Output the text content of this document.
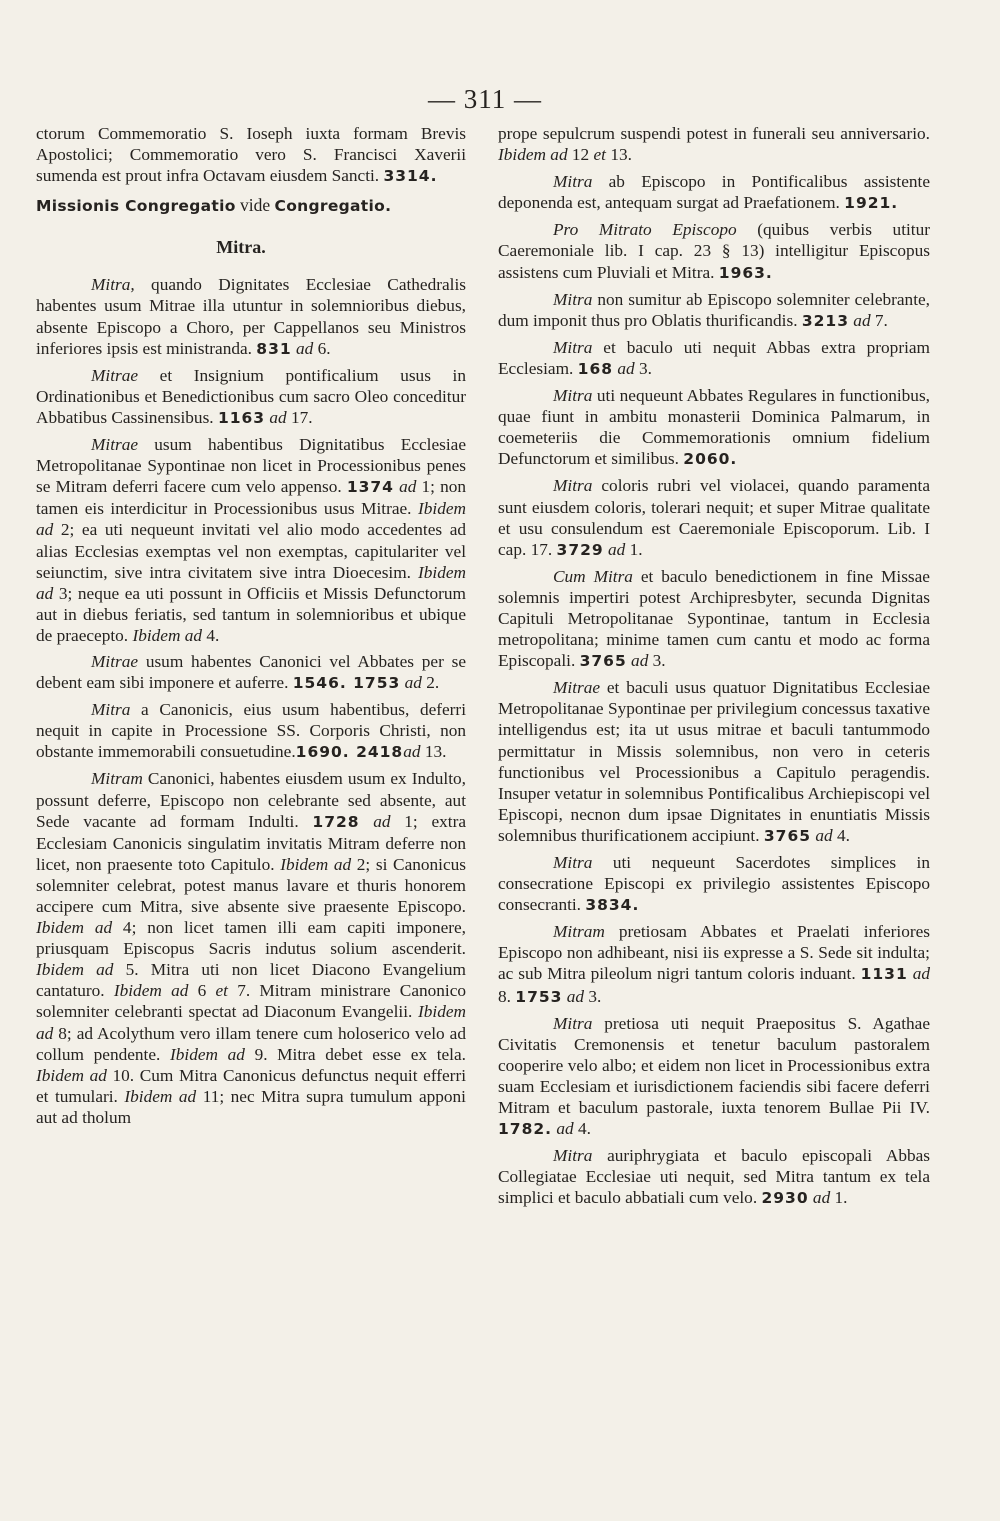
— 311 —

ctorum Commemoratio S. Ioseph iuxta formam Brevis Apostolici; Commemoratio vero S. Francisci Xaverii sumenda est prout infra Octavam eiusdem Sancti. 3314.

Missionis Congregatio vide Congregatio.

Mitra.

Mitra, quando Dignitates Ecclesiae Cathedralis habentes usum Mitrae illa utuntur in solemnioribus diebus, absente Episcopo a Choro, per Cappellanos seu Ministros inferiores ipsis est ministranda. 831 ad 6.

Mitrae et Insignium pontificalium usus in Ordinationibus et Benedictionibus cum sacro Oleo conceditur Abbatibus Cassinensibus. 1163 ad 17.

Mitrae usum habentibus Dignitatibus Ecclesiae Metropolitanae Sypontinae non licet in Processionibus penes se Mitram deferri facere cum velo appenso. 1374 ad 1; non tamen eis interdicitur in Processionibus usus Mitrae. Ibidem ad 2; ea uti nequeunt invitati vel alio modo accedentes ad alias Ecclesias exemptas vel non exemptas, capitulariter vel seiunctim, sive intra civitatem sive intra Dioecesim. Ibidem ad 3; neque ea uti possunt in Officiis et Missis Defunctorum aut in diebus feriatis, sed tantum in solemnioribus et ubique de praecepto. Ibidem ad 4.

Mitrae usum habentes Canonici vel Abbates per se debent eam sibi imponere et auferre. 1546. 1753 ad 2.

Mitra a Canonicis, eius usum habentibus, deferri nequit in capite in Processione SS. Corporis Christi, non obstante immemorabili consuetudine.1690. 2418ad 13.

Mitram Canonici, habentes eiusdem usum ex Indulto, possunt deferre, Episcopo non celebrante sed absente, aut Sede vacante ad formam Indulti. 1728 ad 1; extra Ecclesiam Canonicis singulatim invitatis Mitram deferre non licet, non praesente toto Capitulo. Ibidem ad 2; si Canonicus solemniter celebrat, potest manus lavare et thuris honorem accipere cum Mitra, sive absente sive praesente Episcopo. Ibidem ad 4; non licet tamen illi eam capiti imponere, priusquam Episcopus Sacris indutus solium ascenderit. Ibidem ad 5. Mitra uti non licet Diacono Evangelium cantaturo. Ibidem ad 6 et 7. Mitram ministrare Canonico solemniter celebranti spectat ad Diaconum Evangelii. Ibidem ad 8; ad Acolythum vero illam tenere cum holoserico velo ad collum pendente. Ibidem ad 9. Mitra debet esse ex tela. Ibidem ad 10. Cum Mitra Canonicus defunctus nequit efferri et tumulari. Ibidem ad 11; nec Mitra supra tumulum apponi aut ad tholum

prope sepulcrum suspendi potest in funerali seu anniversario. Ibidem ad 12 et 13.

Mitra ab Episcopo in Pontificalibus assistente deponenda est, antequam surgat ad Praefationem. 1921.

Pro Mitrato Episcopo (quibus verbis utitur Caeremoniale lib. I cap. 23 § 13) intelligitur Episcopus assistens cum Pluviali et Mitra. 1963.

Mitra non sumitur ab Episcopo solemniter celebrante, dum imponit thus pro Oblatis thurificandis. 3213 ad 7.

Mitra et baculo uti nequit Abbas extra propriam Ecclesiam. 168 ad 3.

Mitra uti nequeunt Abbates Regulares in functionibus, quae fiunt in ambitu monasterii Dominica Palmarum, in coemeteriis die Commemorationis omnium fidelium Defunctorum et similibus. 2060.

Mitra coloris rubri vel violacei, quando paramenta sunt eiusdem coloris, tolerari nequit; et super Mitrae qualitate et usu consulendum est Caeremoniale Episcoporum. Lib. I cap. 17. 3729 ad 1.

Cum Mitra et baculo benedictionem in fine Missae solemnis impertiri potest Archipresbyter, secunda Dignitas Capituli Metropolitanae Sypontinae, tantum in Ecclesia metropolitana; minime tamen cum cantu et modo ac forma Episcopali. 3765 ad 3.

Mitrae et baculi usus quatuor Dignitatibus Ecclesiae Metropolitanae Sypontinae per privilegium concessus taxative intelligendus est; ita ut usus mitrae et baculi tantummodo permittatur in Missis solemnibus, non vero in ceteris functionibus vel Processionibus a Capitulo peragendis. Insuper vetatur in solemnibus Pontificalibus Archiepiscopi vel Episcopi, necnon dum ipsae Dignitates in enuntiatis Missis solemnibus thurificationem accipiunt. 3765 ad 4.

Mitra uti nequeunt Sacerdotes simplices in consecratione Episcopi ex privilegio assistentes Episcopo consecranti. 3834.

Mitram pretiosam Abbates et Praelati inferiores Episcopo non adhibeant, nisi iis expresse a S. Sede sit indulta; ac sub Mitra pileolum nigri tantum coloris induant. 1131 ad 8. 1753 ad 3.

Mitra pretiosa uti nequit Praepositus S. Agathae Civitatis Cremonensis et tenetur baculum pastoralem cooperire velo albo; et eidem non licet in Processionibus extra suam Ecclesiam et iurisdictionem faciendis sibi facere deferri Mitram et baculum pastorale, iuxta tenorem Bullae Pii IV. 1782. ad 4.

Mitra auriphrygiata et baculo episcopali Abbas Collegiatae Ecclesiae uti nequit, sed Mitra tantum ex tela simplici et baculo abbatiali cum velo. 2930 ad 1.
